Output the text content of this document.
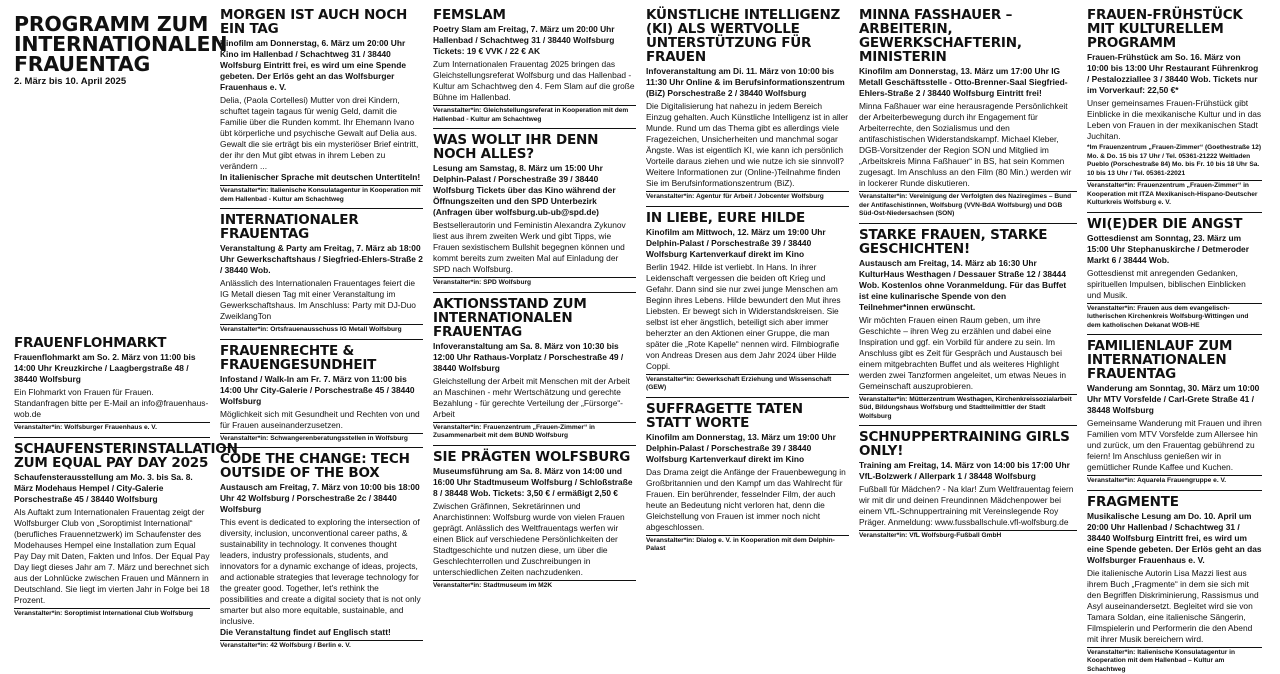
PROGRAMM ZUM INTERNATIONALEN FRAUENTAG
2. März bis 10. April 2025
FRAUENFLOHMARKT
Frauenflohmarkt am So. 2. März von 11:00 bis 14:00 Uhr Kreuzkirche / Laagbergstraße 48 / 38440 Wolfsburg
Ein Flohmarkt von Frauen für Frauen. Standanfragen bitte per E-Mail an info@frauenhaus-wob.de
Veranstalter*in: Wolfsburger Frauenhaus e. V.
SCHAUFENSTERINSTALLATION ZUM EQUAL PAY DAY 2025
Schaufensterausstellung am Mo. 3. bis Sa. 8. März Modehaus Hempel / City-Galerie Porschestraße 45 / 38440 Wolfsburg
Als Auftakt zum Internationalen Frauentag zeigt der Wolfsburger Club von „Soroptimist International“ (berufliches Frauennetzwerk) im Schaufenster des Modehauses Hempel eine Installation zum Equal Pay Day mit Daten, Fakten und Infos. Der Equal Pay Day liegt dieses Jahr am 7. März und berechnet sich aus der Lohnlücke zwischen Frauen und Männern in Deutschland. Sie liegt im vierten Jahr in Folge bei 18 Prozent.
Veranstalter*in: Soroptimist International Club Wolfsburg
MORGEN IST AUCH NOCH EIN TAG
Kinofilm am Donnerstag, 6. März um 20:00 Uhr Kino im Hallenbad / Schachtweg 31 / 38440 Wolfsburg Eintritt frei, es wird um eine Spende gebeten. Der Erlös geht an das Wolfsburger Frauenhaus e. V.
Delia, (Paola Cortellesi) Mutter von drei Kindern, schuftet tagein tagaus für wenig Geld, damit die Familie über die Runden kommt. Ihr Ehemann Ivano übt körperliche und psychische Gewalt auf Delia aus. Gewalt die sie erträgt bis ein mysteriöser Brief eintritt, der ihr den Mut gibt etwas in ihrem Leben zu verändern ...
In italienischer Sprache mit deutschen Untertiteln!
Veranstalter*in: Italienische Konsulatagentur in Kooperation mit dem Hallenbad - Kultur am Schachtweg
INTERNATIONALER FRAUENTAG
Veranstaltung & Party am Freitag, 7. März ab 18:00 Uhr Gewerkschaftshaus / Siegfried-Ehlers-Straße 2 / 38440 Wob.
Anlässlich des Internationalen Frauentages feiert die IG Metall diesen Tag mit einer Veranstaltung im Gewerkschaftshaus. Im Anschluss: Party mit DJ-Duo ZweiklangTon
Veranstalter*in: Ortsfrauenausschuss IG Metall Wolfsburg
FRAUENRECHTE & FRAUENGESUNDHEIT
Infostand / Walk-In am Fr. 7. März von 11:00 bis 14:00 Uhr City-Galerie / Porschestraße 45 / 38440 Wolfsburg
Möglichkeit sich mit Gesundheit und Rechten von und für Frauen auseinanderzusetzen.
Veranstalter*in: Schwangerenberatungsstellen in Wolfsburg
CODE THE CHANGE: TECH OUTSIDE OF THE BOX
Austausch am Freitag, 7. März von 10:00 bis 18:00 Uhr 42 Wolfsburg / Porschestraße 2c / 38440 Wolfsburg
This event is dedicated to exploring the intersection of diversity, inclusion, unconventional career paths, & sustainability in technology. It convenes thought leaders, industry professionals, students, and innovators for a dynamic exchange of ideas, projects, and actionable strategies that leverage technology for the greater good. Together, let's rethink the possibilities and create a digital society that is not only smarter but also more equitable, sustainable, and inclusive.
Die Veranstaltung findet auf Englisch statt!
Veranstalter*in: 42 Wolfsburg / Berlin e. V.
FEMSLAM
Poetry Slam am Freitag, 7. März um 20:00 Uhr Hallenbad / Schachtweg 31 / 38440 Wolfsburg Tickets: 19 € VVK / 22 € AK
Zum Internationalen Frauentag 2025 bringen das Gleichstellungsreferat Wolfsburg und das Hallenbad - Kultur am Schachtweg den 4. Fem Slam auf die große Bühne im Hallenbad.
Veranstalter*in: Gleichstellungsreferat in Kooperation mit dem Hallenbad - Kultur am Schachtweg
WAS WOLLT IHR DENN NOCH ALLES?
Lesung am Samstag, 8. März um 15:00 Uhr Delphin-Palast / Porschestraße 39 / 38440 Wolfsburg Tickets über das Kino während der Öffnungszeiten und den SPD Unterbezirk (Anfragen über wolfsburg.ub-ub@spd.de)
Bestsellerautorin und Feministin Alexandra Zykunov liest aus ihrem zweiten Werk und gibt Tipps, wie Frauen sexistischem Bullshit begegnen können und kommt bereits zum zweiten Mal auf Einladung der SPD nach Wolfsburg.
Veranstalter*in: SPD Wolfsburg
AKTIONSSTAND ZUM INTERNATIONALEN FRAUENTAG
Infoveranstaltung am Sa. 8. März von 10:30 bis 12:00 Uhr Rathaus-Vorplatz / Porschestraße 49 / 38440 Wolfsburg
Gleichstellung der Arbeit mit Menschen mit der Arbeit an Maschinen - mehr Wertschätzung und gerechte Bezahlung - für gerechte Verteilung der „Fürsorge“-Arbeit
Veranstalter*in: Frauenzentrum „Frauen-Zimmer“ in Zusammenarbeit mit dem BUND Wolfsburg
SIE PRÄGTEN WOLFSBURG
Museumsführung am Sa. 8. März von 14:00 und 16:00 Uhr Stadtmuseum Wolfsburg / Schloßstraße 8 / 38448 Wob. Tickets: 3,50 € / ermäßigt 2,50 €
Zwischen Gräfinnen, Sekretärinnen und Anarchistinnen: Wolfsburg wurde von vielen Frauen geprägt. Anlässlich des Weltfrauentags werfen wir einen Blick auf verschiedene Persönlichkeiten der Stadtgeschichte und nutzen diese, um über die Geschlechterrollen und Zuschreibungen in unterschiedlichen Zeiten nachzudenken.
Veranstalter*in: Stadtmuseum im M2K
KÜNSTLICHE INTELLIGENZ (KI) ALS WERTVOLLE UNTERSTÜTZUNG FÜR FRAUEN
Infoveranstaltung am Di. 11. März von 10:00 bis 11:30 Uhr Online & im Berufsinformationszentrum (BiZ) Porschestraße 2 / 38440 Wolfsburg
Die Digitalisierung hat nahezu in jedem Bereich Einzug gehalten. Auch Künstliche Intelligenz ist in aller Munde. Rund um das Thema gibt es allerdings viele Fragezeichen, Unsicherheiten und manchmal sogar Ängste. Was ist eigentlich KI, wie kann ich persönlich Vorteile daraus ziehen und wie nutze ich sie sinnvoll? Weitere Informationen zur (Online-)Teilnahme finden Sie im Berufsinformationszentrum (BiZ).
Veranstalter*in: Agentur für Arbeit / Jobcenter Wolfsburg
IN LIEBE, EURE HILDE
Kinofilm am Mittwoch, 12. März um 19:00 Uhr Delphin-Palast / Porschestraße 39 / 38440 Wolfsburg Kartenverkauf direkt im Kino
Berlin 1942. Hilde ist verliebt. In Hans. In ihrer Leidenschaft vergessen die beiden oft Krieg und Gefahr. Dann sind sie nur zwei junge Menschen am Beginn ihres Lebens. Hilde bewundert den Mut ihres Liebsten. Er bewegt sich in Widerstandskreisen. Sie selbst ist eher ängstlich, beteiligt sich aber immer beherzter an den Aktionen einer Gruppe, die man später die „Rote Kapelle“ nennen wird. Filmbiografie von Andreas Dresen aus dem Jahr 2024 über Hilde Coppi.
Veranstalter*in: Gewerkschaft Erziehung und Wissenschaft (GEW)
SUFFRAGETTE TATEN STATT WORTE
Kinofilm am Donnerstag, 13. März um 19:00 Uhr Delphin-Palast / Porschestraße 39 / 38440 Wolfsburg Kartenverkauf direkt im Kino
Das Drama zeigt die Anfänge der Frauenbewegung in Großbritannien und den Kampf um das Wahlrecht für Frauen. Ein berührender, fesselnder Film, der auch heute an Bedeutung nicht verloren hat, denn die Gleichstellung von Frauen ist immer noch nicht abgeschlossen.
Veranstalter*in: Dialog e. V. in Kooperation mit dem Delphin-Palast
MINNA FASSHAUER – ARBEITERIN, GEWERKSCHAFTERIN, MINISTERIN
Kinofilm am Donnerstag, 13. März um 17:00 Uhr IG Metall Geschäftsstelle - Otto-Brenner-Saal Siegfried-Ehlers-Straße 2 / 38440 Wolfsburg Eintritt frei!
Minna Faßhauer war eine herausragende Persönlichkeit der Arbeiterbewegung durch ihr Engagement für Arbeiterrechte, den Sozialismus und den antifaschistischen Widerstandskampf. Michael Kleber, DGB-Vorsitzender der Region SON und Mitglied im „Arbeitskreis Minna Faßhauer“ in BS, hat sein Kommen zugesagt. Im Anschluss an den Film (80 Min.) werden wir in lockerer Runde diskutieren.
Veranstalter*in: Vereinigung der Verfolgten des Naziregimes – Bund der Antifaschistinnen, Wolfsburg (VVN-BdA Wolfsburg) und DGB Süd-Ost-Niedersachsen (SON)
STARKE FRAUEN, STARKE GESCHICHTEN!
Austausch am Freitag, 14. März ab 16:30 Uhr KulturHaus Westhagen / Dessauer Straße 12 / 38444 Wob. Kostenlos ohne Voranmeldung. Für das Buffet ist eine kulinarische Spende von den Teilnehmer*innen erwünscht.
Wir möchten Frauen einen Raum geben, um ihre Geschichte – ihren Weg zu erzählen und dabei eine Inspiration und ggf. ein Vorbild für andere zu sein. Im Anschluss gibt es Zeit für Gespräch und Austausch bei einem mitgebrachten Buffet und als weiteres Highlight werden zwei Tanzformen angeleitet, um etwas Neues in Gemeinschaft auszuprobieren.
Veranstalter*in: Mütterzentrum Westhagen, Kirchenkreissozialarbeit Süd, Bildungshaus Wolfsburg und Stadtteilmittler der Stadt Wolfsburg
SCHNUPPERTRAINING GIRLS ONLY!
Training am Freitag, 14. März von 14:00 bis 17:00 Uhr VfL-Bolzwerk / Allerpark 1 / 38448 Wolfsburg
Fußball für Mädchen? - Na klar! Zum Weltfrauentag feiern wir mit dir und deinen Freundinnen Mädchenpower bei einem VfL-Schnuppertraining mit Vereinslegende Roy Präger. Anmeldung: www.fussballschule.vfl-wolfsburg.de
Veranstalter*in: VfL Wolfsburg-Fußball GmbH
FRAUEN-FRÜHSTÜCK MIT KULTURELLEM PROGRAMM
Frauen-Frühstück am So. 16. März von 10:00 bis 13:00 Uhr Restaurant Führenkrog / Pestalozziallee 3 / 38440 Wob. Tickets nur im Vorverkauf: 22,50 €*
Unser gemeinsames Frauen-Frühstück gibt Einblicke in die mexikanische Kultur und in das Leben von Frauen in der mexikanischen Stadt Juchitan.
*Im Frauenzentrum „Frauen-Zimmer“ (Goethestraße 12) Mo. & Do. 15 bis 17 Uhr / Tel. 05361-21222 Weltladen Pueblo (Porschestraße 84) Mo. bis Fr. 10 bis 18 Uhr Sa. 10 bis 13 Uhr / Tel. 05361-22021
Veranstalter*in: Frauenzentrum „Frauen-Zimmer“ in Kooperation mit ITZA Mexikanisch-Hispano-Deutscher Kulturkreis Wolfsburg e. V.
WI(E)DER DIE ANGST
Gottesdienst am Sonntag, 23. März um 15:00 Uhr Stephanuskirche / Detmeroder Markt 6 / 38444 Wob.
Gottesdienst mit anregenden Gedanken, spirituellen Impulsen, biblischen Einblicken und Musik.
Veranstalter*in: Frauen aus dem evangelisch-lutherischen Kirchenkreis Wolfsburg-Wittingen und dem katholischen Dekanat WOB-HE
FAMILIENLAUF ZUM INTERNATIONALEN FRAUENTAG
Wanderung am Sonntag, 30. März um 10:00 Uhr MTV Vorsfelde / Carl-Grete Straße 41 / 38448 Wolfsburg
Gemeinsame Wanderung mit Frauen und ihren Familien vom MTV Vorsfelde zum Allersee hin und zurück, um den Frauentag gebührend zu feiern! Im Anschluss genießen wir in gemütlicher Runde Kaffee und Kuchen.
Veranstalter*in: Aquarela Frauengruppe e. V.
FRAGMENTE
Musikalische Lesung am Do. 10. April um 20:00 Uhr Hallenbad / Schachtweg 31 / 38440 Wolfsburg Eintritt frei, es wird um eine Spende gebeten. Der Erlös geht an das Wolfsburger Frauenhaus e. V.
Die italienische Autorin Lisa Mazzi liest aus ihrem Buch „Fragmente“ in dem sie sich mit den Begriffen Diskriminierung, Rassismus und Asyl auseinandersetzt. Begleitet wird sie von Tamara Soldan, eine italienische Sängerin, Filmspielerin und Performerin die den Abend mit ihrer Musik bereichern wird.
Veranstalter*in: Italienische Konsulatagentur in Kooperation mit dem Hallenbad – Kultur am Schachtweg
